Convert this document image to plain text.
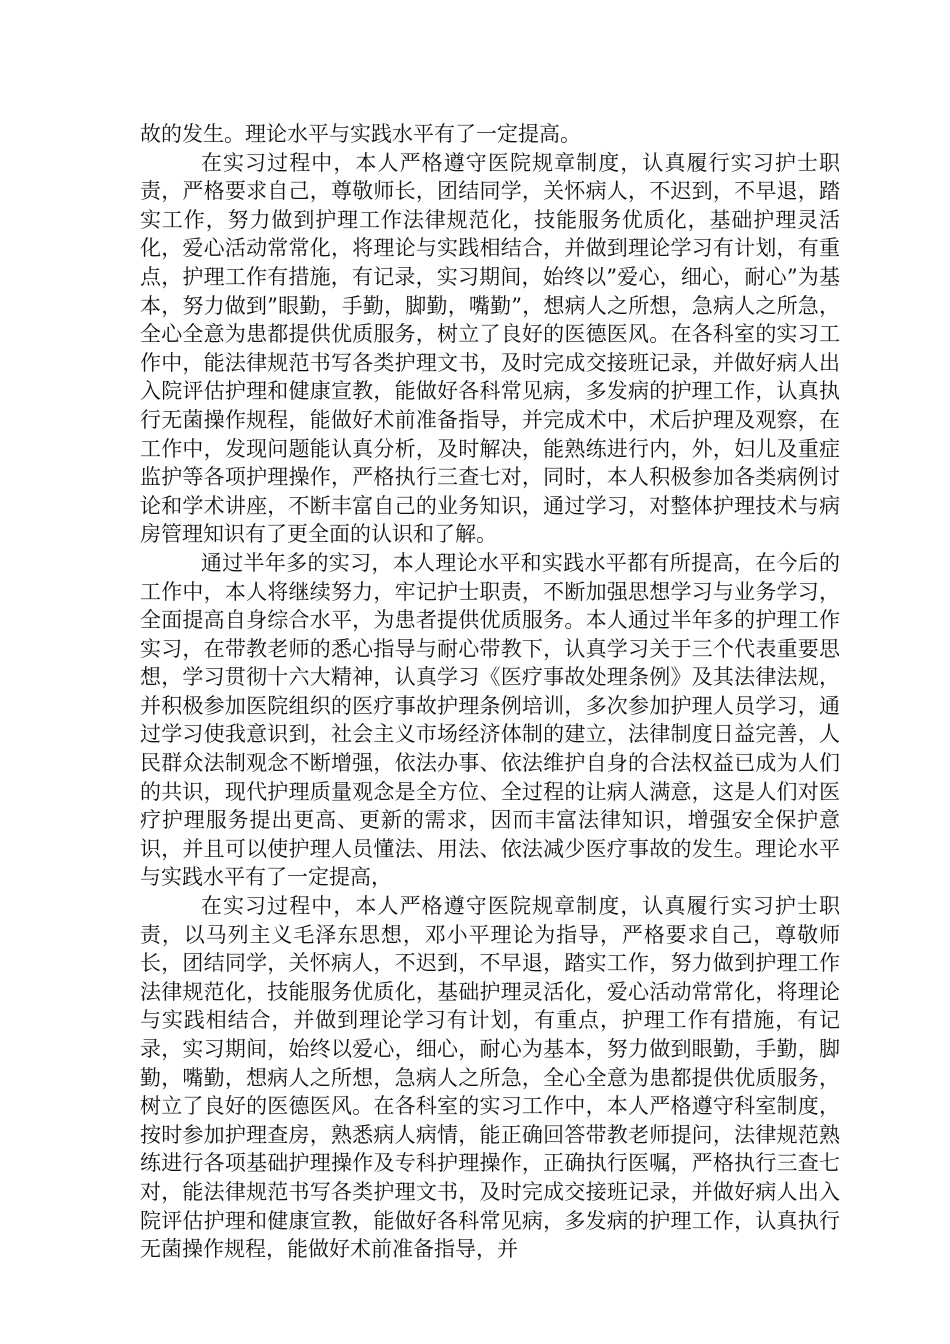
故的发生。理论水平与实践水平有了一定提高。

在实习过程中，本人严格遵守医院规章制度，认真履行实习护士职责，严格要求自己，尊敬师长，团结同学，关怀病人，不迟到，不早退，踏实工作，努力做到护理工作法律规范化，技能服务优质化，基础护理灵活化，爱心活动常常化，将理论与实践相结合，并做到理论学习有计划，有重点，护理工作有措施，有记录，实习期间，始终以”爱心，细心，耐心”为基本，努力做到”眼勤，手勤，脚勤，嘴勤”，想病人之所想，急病人之所急，全心全意为患都提供优质服务，树立了良好的医德医风。在各科室的实习工作中，能法律规范书写各类护理文书，及时完成交接班记录，并做好病人出入院评估护理和健康宣教，能做好各科常见病，多发病的护理工作，认真执行无菌操作规程，能做好术前准备指导，并完成术中，术后护理及观察，在工作中，发现问题能认真分析，及时解决，能熟练进行内，外，妇儿及重症监护等各项护理操作，严格执行三查七对，同时，本人积极参加各类病例讨论和学术讲座，不断丰富自己的业务知识，通过学习，对整体护理技术与病房管理知识有了更全面的认识和了解。

通过半年多的实习，本人理论水平和实践水平都有所提高，在今后的工作中，本人将继续努力，牢记护士职责，不断加强思想学习与业务学习，全面提高自身综合水平，为患者提供优质服务。本人通过半年多的护理工作实习，在带教老师的悉心指导与耐心带教下，认真学习关于三个代表重要思想，学习贯彻十六大精神，认真学习《医疗事故处理条例》及其法律法规，并积极参加医院组织的医疗事故护理条例培训，多次参加护理人员学习，通过学习使我意识到，社会主义市场经济体制的建立，法律制度日益完善，人民群众法制观念不断增强，依法办事、依法维护自身的合法权益已成为人们的共识，现代护理质量观念是全方位、全过程的让病人满意，这是人们对医疗护理服务提出更高、更新的需求，因而丰富法律知识，增强安全保护意识，并且可以使护理人员懂法、用法、依法减少医疗事故的发生。理论水平与实践水平有了一定提高，

在实习过程中，本人严格遵守医院规章制度，认真履行实习护士职责，以马列主义毛泽东思想，邓小平理论为指导，严格要求自己，尊敬师长，团结同学，关怀病人，不迟到，不早退，踏实工作，努力做到护理工作法律规范化，技能服务优质化，基础护理灵活化，爱心活动常常化，将理论与实践相结合，并做到理论学习有计划，有重点，护理工作有措施，有记录，实习期间，始终以爱心，细心，耐心为基本，努力做到眼勤，手勤，脚勤，嘴勤，想病人之所想，急病人之所急，全心全意为患都提供优质服务，树立了良好的医德医风。在各科室的实习工作中，本人严格遵守科室制度，按时参加护理查房，熟悉病人病情，能正确回答带教老师提问，法律规范熟练进行各项基础护理操作及专科护理操作，正确执行医嘱，严格执行三查七对，能法律规范书写各类护理文书，及时完成交接班记录，并做好病人出入院评估护理和健康宣教，能做好各科常见病，多发病的护理工作，认真执行无菌操作规程，能做好术前准备指导，并
